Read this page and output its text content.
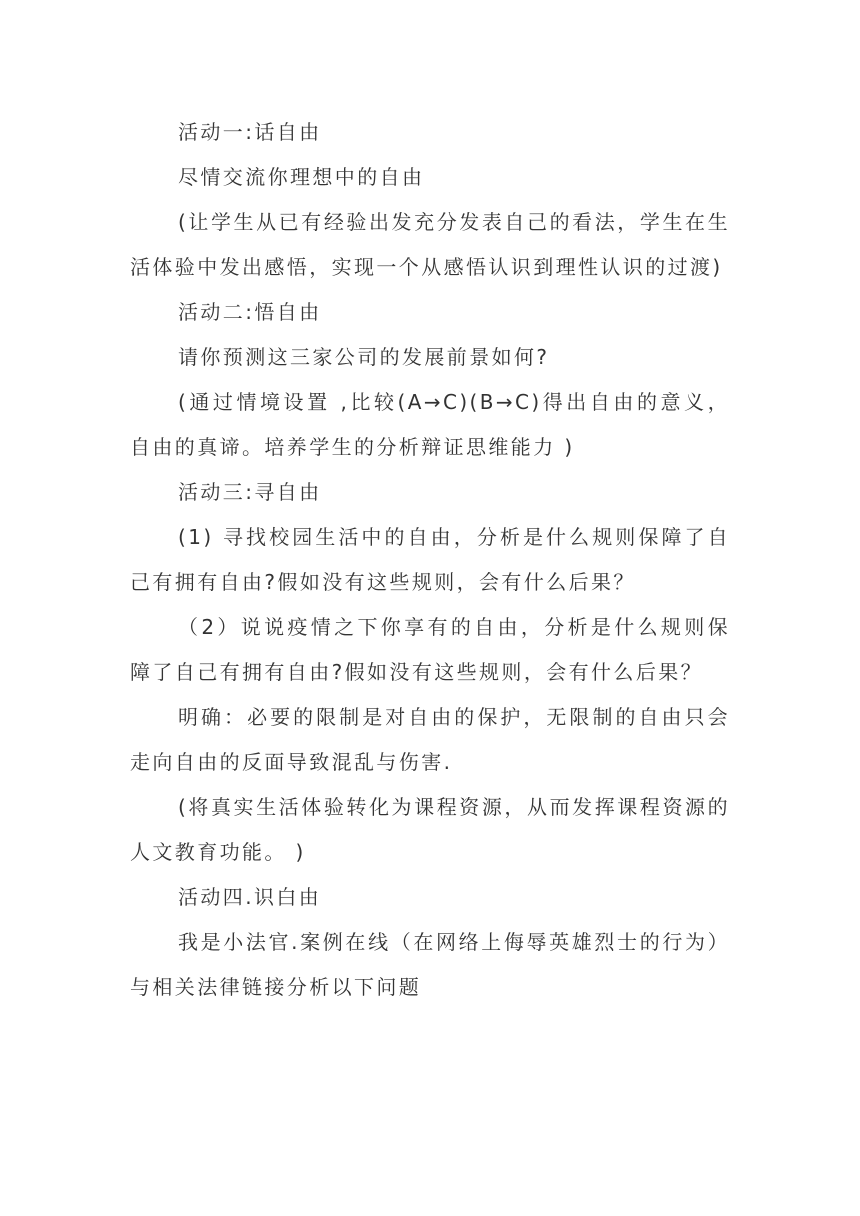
活动一:话自由

尽情交流你理想中的自由

(让学生从已有经验出发充分发表自己的看法，学生在生活体验中发出感悟，实现一个从感悟认识到理性认识的过渡)

活动二:悟自由

请你预测这三家公司的发展前景如何?

(通过情境设置 ,比较(A→C)(B→C)得出自由的意义，自由的真谛。培养学生的分析辩证思维能力 )

活动三:寻自由

(1) 寻找校园生活中的自由，分析是什么规则保障了自己有拥有自由?假如没有这些规则，会有什么后果？

（2）说说疫情之下你享有的自由，分析是什么规则保障了自己有拥有自由?假如没有这些规则，会有什么后果？

明确：必要的限制是对自由的保护，无限制的自由只会走向自由的反面导致混乱与伤害.

(将真实生活体验转化为课程资源，从而发挥课程资源的人文教育功能。 )

活动四.识白由

我是小法官.案例在线（在网络上侮辱英雄烈士的行为）与相关法律链接分析以下问题
